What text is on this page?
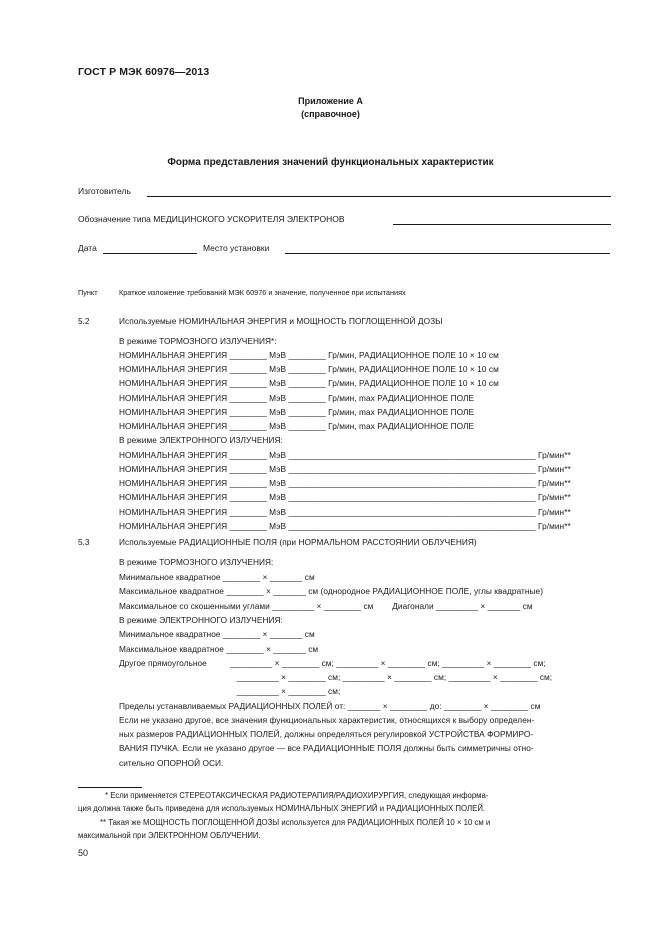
ГОСТ Р МЭК 60976—2013
Приложение А
(справочное)
Форма представления значений функциональных характеристик
Изготовитель
Обозначение типа МЕДИЦИНСКОГО УСКОРИТЕЛЯ ЭЛЕКТРОНОВ
Дата	Место установки
Пункт	Краткое изложение требований МЭК 60976 и значение, полученное при испытаниях
5.2	Используемые НОМИНАЛЬНАЯ ЭНЕРГИЯ и МОЩНОСТЬ ПОГЛОЩЕННОЙ ДОЗЫ
В режиме ТОРМОЗНОГО ИЗЛУЧЕНИЯ*:
НОМИНАЛЬНАЯ ЭНЕРГИЯ ________ МэВ ________ Гр/мин, РАДИАЦИОННОЕ ПОЛЕ 10 × 10 см
НОМИНАЛЬНАЯ ЭНЕРГИЯ ________ МэВ ________ Гр/мин, РАДИАЦИОННОЕ ПОЛЕ 10 × 10 см
НОМИНАЛЬНАЯ ЭНЕРГИЯ ________ МэВ ________ Гр/мин, РАДИАЦИОННОЕ ПОЛЕ 10 × 10 см
НОМИНАЛЬНАЯ ЭНЕРГИЯ ________ МэВ ________ Гр/мин, max РАДИАЦИОННОЕ ПОЛЕ
НОМИНАЛЬНАЯ ЭНЕРГИЯ ________ МэВ ________ Гр/мин, max РАДИАЦИОННОЕ ПОЛЕ
НОМИНАЛЬНАЯ ЭНЕРГИЯ ________ МэВ ________ Гр/мин, max РАДИАЦИОННОЕ ПОЛЕ
В режиме ЭЛЕКТРОННОГО ИЗЛУЧЕНИЯ:
НОМИНАЛЬНАЯ ЭНЕРГИЯ ________ МэВ _____________________________________________________ Гр/мин**
НОМИНАЛЬНАЯ ЭНЕРГИЯ ________ МэВ _____________________________________________________ Гр/мин**
НОМИНАЛЬНАЯ ЭНЕРГИЯ ________ МэВ _____________________________________________________ Гр/мин**
НОМИНАЛЬНАЯ ЭНЕРГИЯ ________ МэВ _____________________________________________________ Гр/мин**
НОМИНАЛЬНАЯ ЭНЕРГИЯ ________ МэВ _____________________________________________________ Гр/мин**
НОМИНАЛЬНАЯ ЭНЕРГИЯ ________ МэВ _____________________________________________________ Гр/мин**
5.3	Используемые РАДИАЦИОННЫЕ ПОЛЯ (при НОРМАЛЬНОМ РАССТОЯНИИ ОБЛУЧЕНИЯ)
В режиме ТОРМОЗНОГО ИЗЛУЧЕНИЯ:
Минимальное квадратное ________ × _______ см
Максимальное квадратное ________ × _______ см (однородное РАДИАЦИОННОЕ ПОЛЕ, углы квадратные)
Максимальное со скошенными углами _________ × ________ см        Диагонали _________ × _______ см
В режиме ЭЛЕКТРОННОГО ИЗЛУЧЕНИЯ:
Минимальное квадратное ________ × _______ см
Максимальное квадратное ________ × _______ см
Другое прямоугольное          _________ × ________ см; _________ × ________ см; _________ × ________ см;
_________ × ________ см; _________ × ________ см; _________ × ________ см;
_________ × ________ см;
Пределы устанавливаемых РАДИАЦИОННЫХ ПОЛЕЙ от: _______ × ________ до: ________ × ________ см
Если не указано другое, все значения функциональных характеристик, относящихся к выбору определен-
ных размеров РАДИАЦИОННЫХ ПОЛЕЙ, должны определяться регулировкой УСТРОЙСТВА ФОРМИРО-
ВАНИЯ ПУЧКА. Если не указано другое — все РАДИАЦИОННЫЕ ПОЛЯ должны быть симметричны отно-
сительно ОПОРНОЙ ОСИ.
* Если применяется СТЕРЕОТАКСИЧЕСКАЯ РАДИОТЕРАПИЯ/РАДИОХИРУРГИЯ, следующая информа-
ция должна также быть приведена для используемых НОМИНАЛЬНЫХ ЭНЕРГИЙ и РАДИАЦИОННЫХ ПОЛЕЙ.
** Такая же МОЩНОСТЬ ПОГЛОЩЕННОЙ ДОЗЫ используется для РАДИАЦИОННЫХ ПОЛЕЙ 10 × 10 см и
максимальной при ЭЛЕКТРОННОМ ОБЛУЧЕНИИ.
50
